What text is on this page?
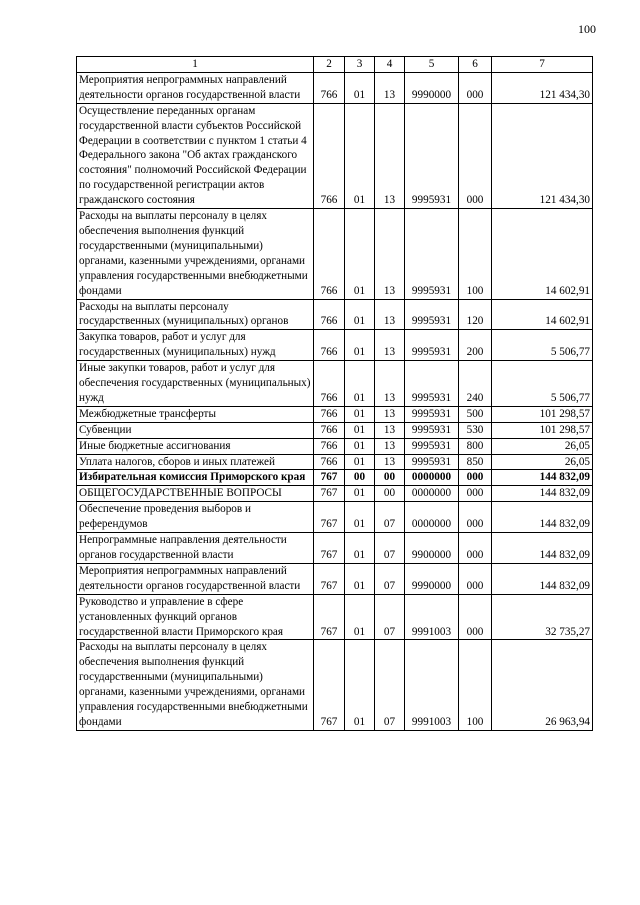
100
1	2	3	4	5	6	7
Мероприятия непрограммных направлений деятельности органов государственной власти	766	01	13	9990000	000	121 434,30
Осуществление переданных органам государственной власти субъектов Российской Федерации в соответствии с пунктом 1 статьи 4 Федерального закона "Об актах гражданского состояния" полномочий Российской Федерации по государственной регистрации актов гражданского состояния	766	01	13	9995931	000	121 434,30
Расходы на выплаты персоналу в целях обеспечения выполнения функций государственными (муниципальными) органами, казенными учреждениями, органами управления государственными внебюджетными фондами	766	01	13	9995931	100	14 602,91
Расходы на выплаты персоналу государственных (муниципальных) органов	766	01	13	9995931	120	14 602,91
Закупка товаров, работ и услуг для государственных (муниципальных) нужд	766	01	13	9995931	200	5 506,77
Иные закупки товаров, работ и услуг для обеспечения государственных (муниципальных) нужд	766	01	13	9995931	240	5 506,77
Межбюджетные трансферты	766	01	13	9995931	500	101 298,57
Субвенции	766	01	13	9995931	530	101 298,57
Иные бюджетные ассигнования	766	01	13	9995931	800	26,05
Уплата налогов, сборов и иных платежей	766	01	13	9995931	850	26,05
Избирательная комиссия Приморского края	767	00	00	0000000	000	144 832,09
ОБЩЕГОСУДАРСТВЕННЫЕ ВОПРОСЫ	767	01	00	0000000	000	144 832,09
Обеспечение проведения выборов и референдумов	767	01	07	0000000	000	144 832,09
Непрограммные направления деятельности органов государственной власти	767	01	07	9900000	000	144 832,09
Мероприятия непрограммных направлений деятельности органов государственной власти	767	01	07	9990000	000	144 832,09
Руководство и управление в сфере установленных функций органов государственной власти Приморского края	767	01	07	9991003	000	32 735,27
Расходы на выплаты персоналу в целях обеспечения выполнения функций государственными (муниципальными) органами, казенными учреждениями, органами управления государственными внебюджетными фондами	767	01	07	9991003	100	26 963,94
